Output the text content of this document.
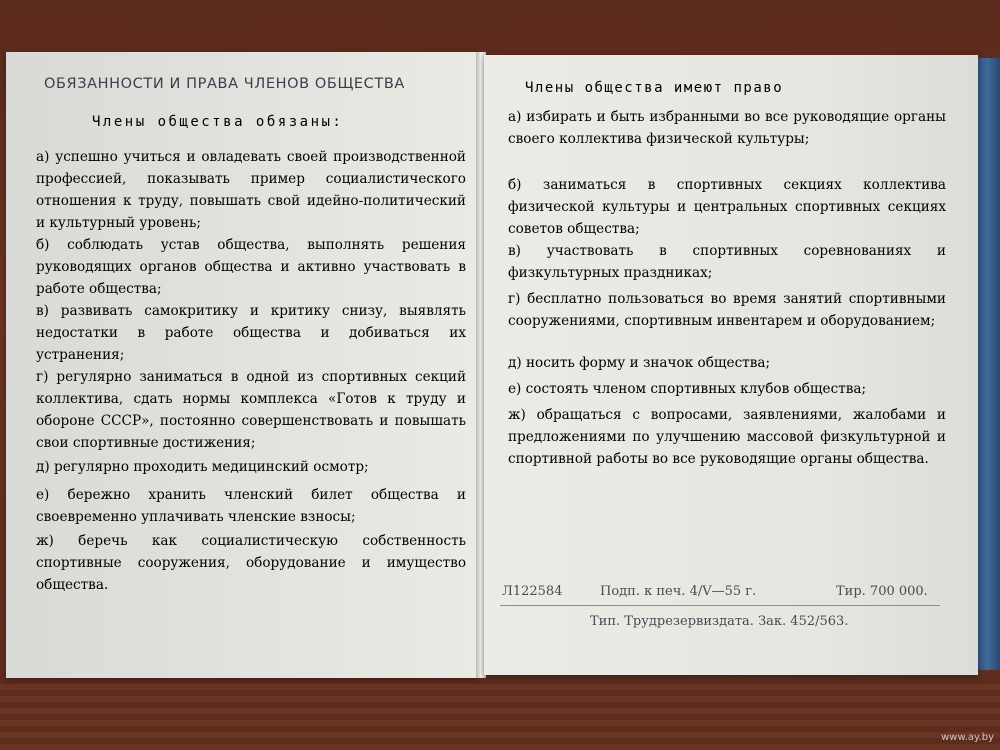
ОБЯЗАННОСТИ И ПРАВА ЧЛЕНОВ ОБЩЕСТВА
Члены общества обязаны:
а) успешно учиться и овладевать своей производственной профессией, показывать пример социалистического отношения к труду, повышать свой идейно-политический и культурный уровень;
б) соблюдать устав общества, выполнять решения руководящих органов общества и активно участвовать в работе общества;
в) развивать самокритику и критику снизу, выявлять недостатки в работе общества и добиваться их устранения;
г) регулярно заниматься в одной из спортивных секций коллектива, сдать нормы комплекса «Готов к труду и обороне СССР», постоянно совершенствовать и повышать свои спортивные достижения;
д) регулярно проходить медицинский осмотр;
е) бережно хранить членский билет общества и своевременно уплачивать членские взносы;
ж) беречь как социалистическую собственность спортивные сооружения, оборудование и имущество общества.
Члены общества имеют право
а) избирать и быть избранными во все руководящие органы своего коллектива физической культуры;
б) заниматься в спортивных секциях коллектива физической культуры и центральных спортивных секциях советов общества;
в) участвовать в спортивных соревнованиях и физкультурных праздниках;
г) бесплатно пользоваться во время занятий спортивными сооружениями, спортивным инвентарем и оборудованием;
д) носить форму и значок общества;
е) состоять членом спортивных клубов общества;
ж) обращаться с вопросами, заявлениями, жалобами и предложениями по улучшению массовой физкультурной и спортивной работы во все руководящие органы общества.
Л122584	Подп. к печ. 4/V—55 г.	Тир. 700 000.
Тип. Трудрезервиздата. Зак. 452/563.
www.ay.by
